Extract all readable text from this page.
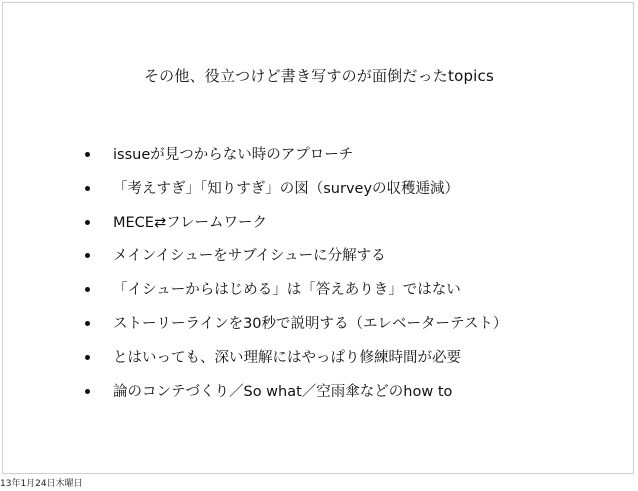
その他、役立つけど書き写すのが面倒だったtopics
issueが見つからない時のアプローチ
「考えすぎ」「知りすぎ」の図（surveyの収穫逓減）
MECE⇄フレームワーク
メインイシューをサブイシューに分解する
「イシューからはじめる」は「答えありき」ではない
ストーリーラインを30秒で説明する（エレベーターテスト）
とはいっても、深い理解にはやっぱり修練時間が必要
論のコンテづくり／So what／空雨傘などのhow to
13年1月24日木曜日
